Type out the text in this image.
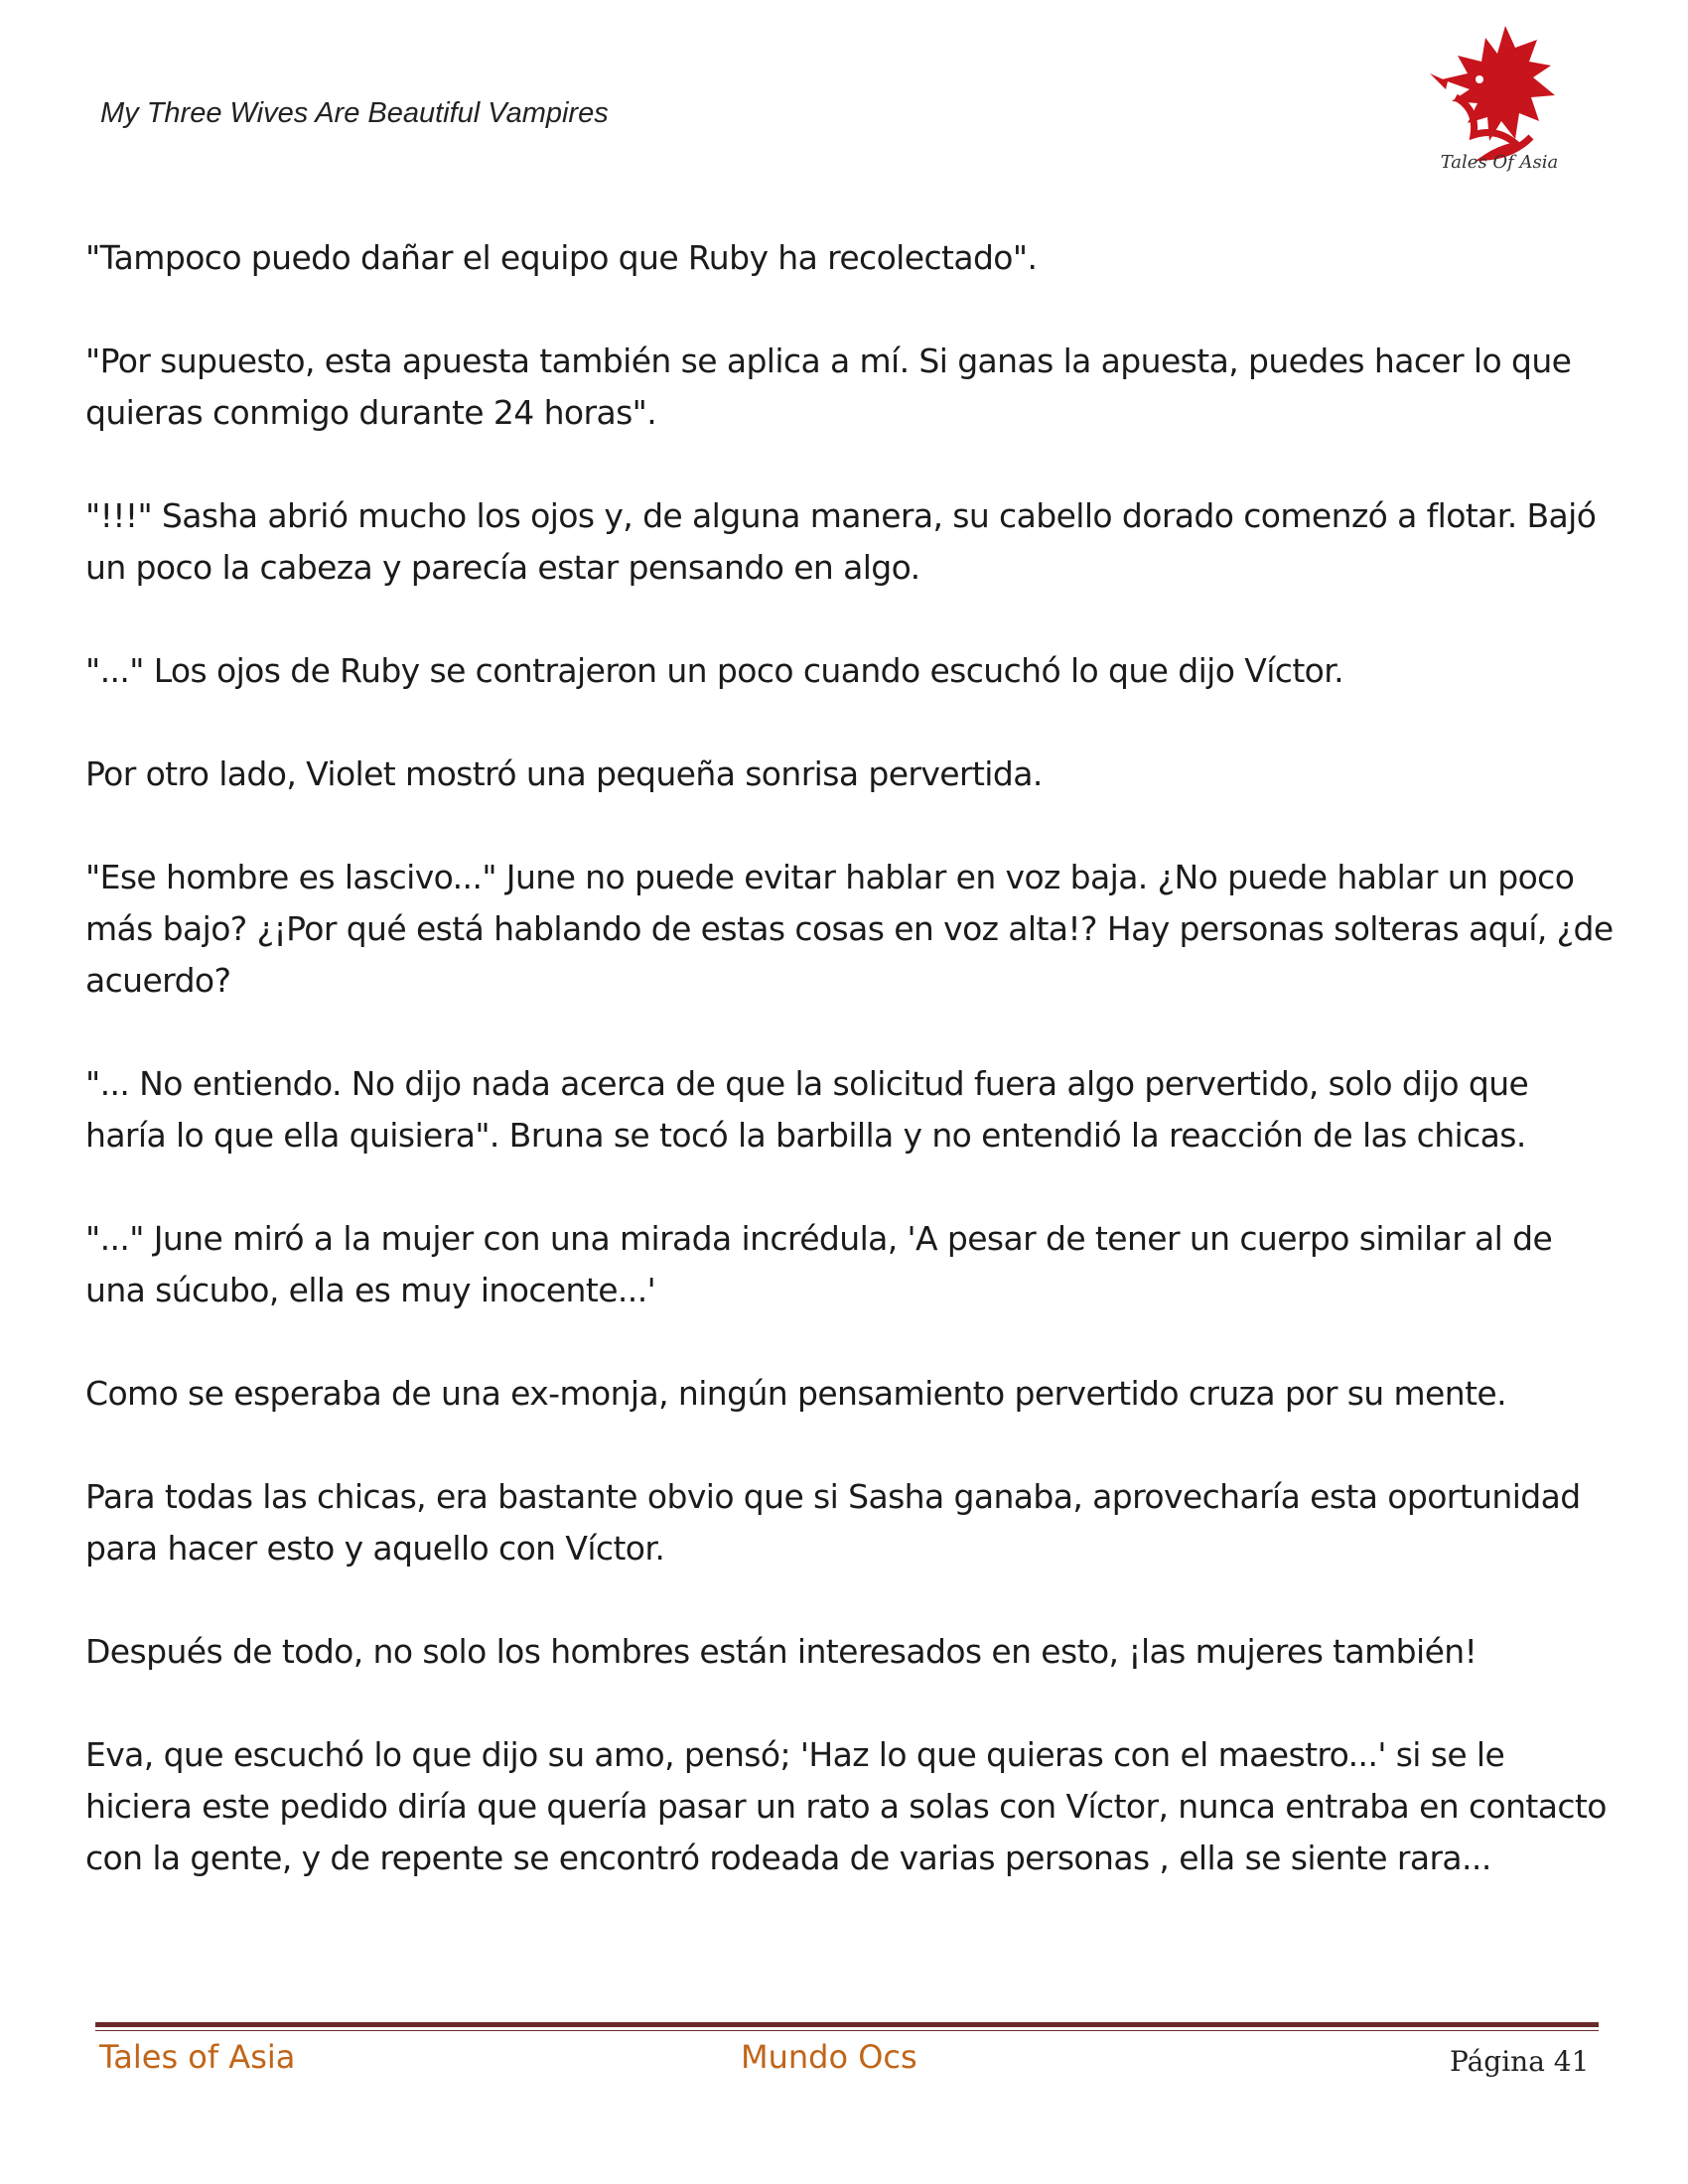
My Three Wives Are Beautiful Vampires
Tales Of Asia

"Tampoco puedo dañar el equipo que Ruby ha recolectado".

"Por supuesto, esta apuesta también se aplica a mí. Si ganas la apuesta, puedes hacer lo que quieras conmigo durante 24 horas".

"!!!" Sasha abrió mucho los ojos y, de alguna manera, su cabello dorado comenzó a flotar. Bajó un poco la cabeza y parecía estar pensando en algo.

"..." Los ojos de Ruby se contrajeron un poco cuando escuchó lo que dijo Víctor.

Por otro lado, Violet mostró una pequeña sonrisa pervertida.

"Ese hombre es lascivo..." June no puede evitar hablar en voz baja. ¿No puede hablar un poco más bajo? ¿¡Por qué está hablando de estas cosas en voz alta!? Hay personas solteras aquí, ¿de acuerdo?

"... No entiendo. No dijo nada acerca de que la solicitud fuera algo pervertido, solo dijo que haría lo que ella quisiera". Bruna se tocó la barbilla y no entendió la reacción de las chicas.

"..." June miró a la mujer con una mirada incrédula, 'A pesar de tener un cuerpo similar al de una súcubo, ella es muy inocente...'

Como se esperaba de una ex-monja, ningún pensamiento pervertido cruza por su mente.

Para todas las chicas, era bastante obvio que si Sasha ganaba, aprovecharía esta oportunidad para hacer esto y aquello con Víctor.

Después de todo, no solo los hombres están interesados en esto, ¡las mujeres también!

Eva, que escuchó lo que dijo su amo, pensó; 'Haz lo que quieras con el maestro...' si se le hiciera este pedido diría que quería pasar un rato a solas con Víctor, nunca entraba en contacto con la gente, y de repente se encontró rodeada de varias personas , ella se siente rara...

Tales of Asia	Mundo Ocs	Página 41
